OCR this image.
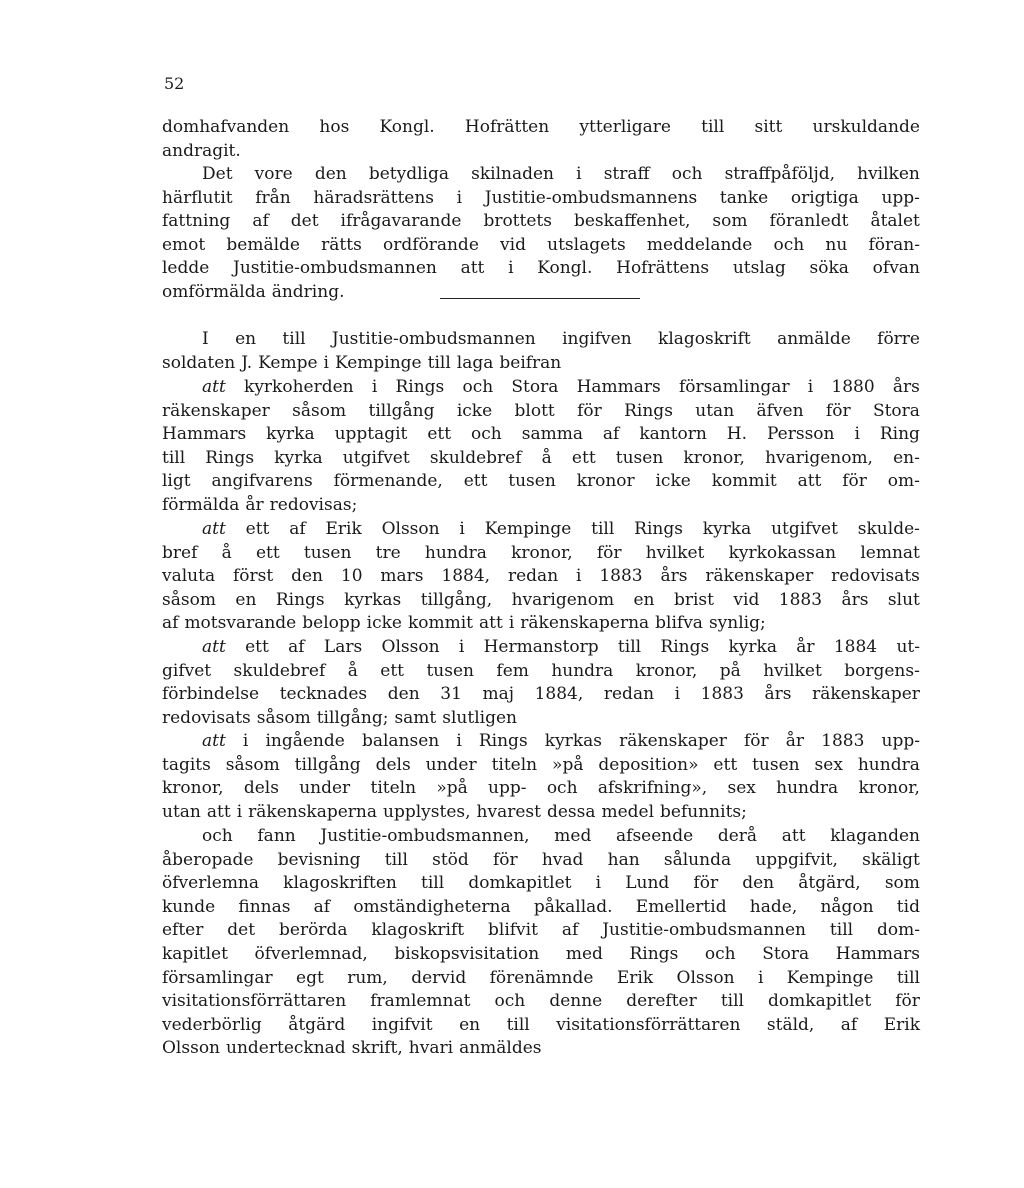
52
domhafvanden hos Kongl. Hofrätten ytterligare till sitt urskuldande
andragit.
Det vore den betydliga skilnaden i straff och straffpåföljd, hvilken
härflutit från häradsrättens i Justitie-ombudsmannens tanke origtiga upp-
fattning af det ifrågavarande brottets beskaffenhet, som föranledt åtalet
emot bemälde rätts ordförande vid utslagets meddelande och nu föran-
ledde Justitie-ombudsmannen att i Kongl. Hofrättens utslag söka ofvan
omförmälda ändring.
I en till Justitie-ombudsmannen ingifven klagoskrift anmälde förre
soldaten J. Kempe i Kempinge till laga beifran
att kyrkoherden i Rings och Stora Hammars församlingar i 1880 års
räkenskaper såsom tillgång icke blott för Rings utan äfven för Stora
Hammars kyrka upptagit ett och samma af kantorn H. Persson i Ring
till Rings kyrka utgifvet skuldebref å ett tusen kronor, hvarigenom, en-
ligt angifvarens förmenande, ett tusen kronor icke kommit att för om-
förmälda år redovisas;
att ett af Erik Olsson i Kempinge till Rings kyrka utgifvet skulde-
bref å ett tusen tre hundra kronor, för hvilket kyrkokassan lemnat
valuta först den 10 mars 1884, redan i 1883 års räkenskaper redovisats
såsom en Rings kyrkas tillgång, hvarigenom en brist vid 1883 års slut
af motsvarande belopp icke kommit att i räkenskaperna blifva synlig;
att ett af Lars Olsson i Hermanstorp till Rings kyrka år 1884 ut-
gifvet skuldebref å ett tusen fem hundra kronor, på hvilket borgens-
förbindelse tecknades den 31 maj 1884, redan i 1883 års räkenskaper
redovisats såsom tillgång; samt slutligen
att i ingående balansen i Rings kyrkas räkenskaper för år 1883 upp-
tagits såsom tillgång dels under titeln »på deposition» ett tusen sex hundra
kronor, dels under titeln »på upp- och afskrifning», sex hundra kronor,
utan att i räkenskaperna upplystes, hvarest dessa medel befunnits;
och fann Justitie-ombudsmannen, med afseende derå att klaganden
åberopade bevisning till stöd för hvad han sålunda uppgifvit, skäligt
öfverlemna klagoskriften till domkapitlet i Lund för den åtgärd, som
kunde finnas af omständigheterna påkallad. Emellertid hade, någon tid
efter det berörda klagoskrift blifvit af Justitie-ombudsmannen till dom-
kapitlet öfverlemnad, biskopsvisitation med Rings och Stora Hammars
församlingar egt rum, dervid förenämnde Erik Olsson i Kempinge till
visitationsförrättaren framlemnat och denne derefter till domkapitlet för
vederbörlig åtgärd ingifvit en till visitationsförrättaren stäld, af Erik
Olsson undertecknad skrift, hvari anmäldes
